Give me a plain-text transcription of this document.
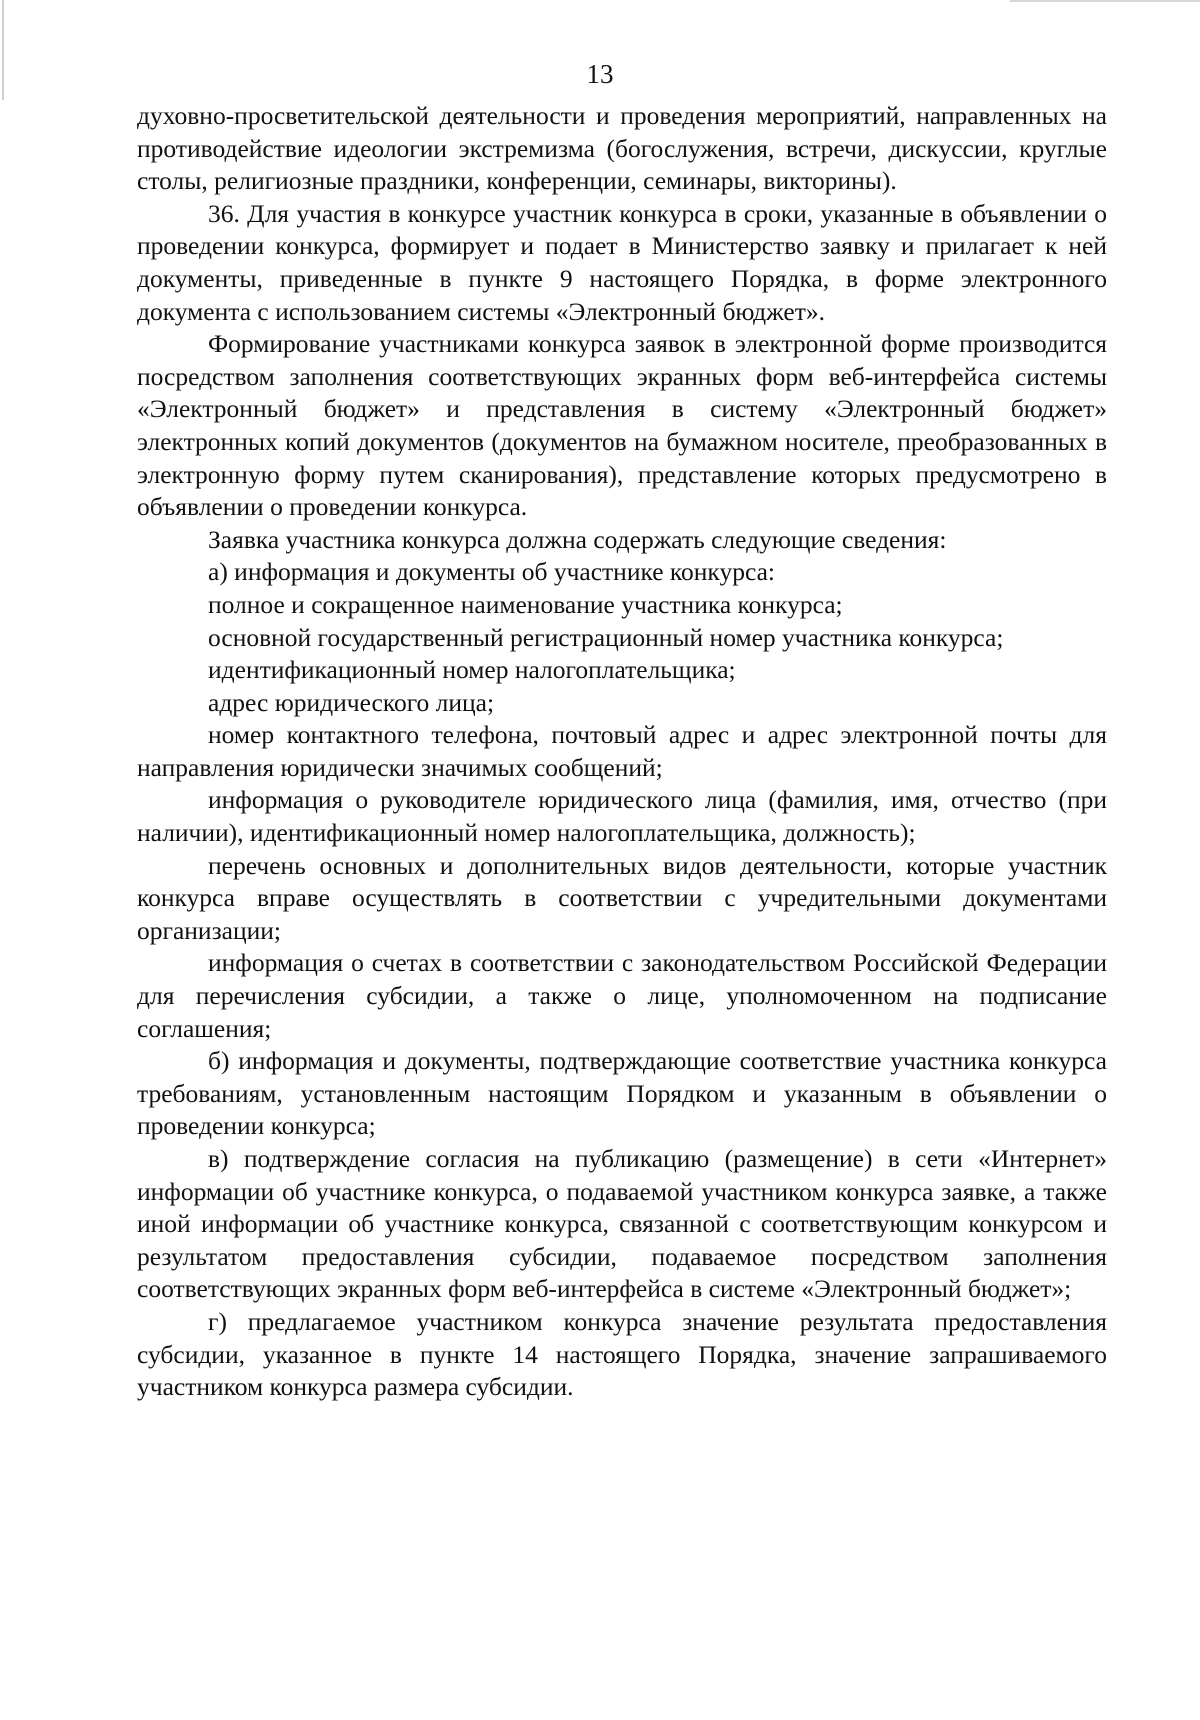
13

духовно-просветительской деятельности и проведения мероприятий, направленных на противодействие идеологии экстремизма (богослужения, встречи, дискуссии, круглые столы, религиозные праздники, конференции, семинары, викторины).

36. Для участия в конкурсе участник конкурса в сроки, указанные в объявлении о проведении конкурса, формирует и подает в Министерство заявку и прилагает к ней документы, приведенные в пункте 9 настоящего Порядка, в форме электронного документа с использованием системы «Электронный бюджет».

Формирование участниками конкурса заявок в электронной форме производится посредством заполнения соответствующих экранных форм веб-интерфейса системы «Электронный бюджет» и представления в систему «Электронный бюджет» электронных копий документов (документов на бумажном носителе, преобразованных в электронную форму путем сканирования), представление которых предусмотрено в объявлении о проведении конкурса.

Заявка участника конкурса должна содержать следующие сведения:

а) информация и документы об участнике конкурса:

полное и сокращенное наименование участника конкурса;

основной государственный регистрационный номер участника конкурса;

идентификационный номер налогоплательщика;

адрес юридического лица;

номер контактного телефона, почтовый адрес и адрес электронной почты для направления юридически значимых сообщений;

информация о руководителе юридического лица (фамилия, имя, отчество (при наличии), идентификационный номер налогоплательщика, должность);

перечень основных и дополнительных видов деятельности, которые участник конкурса вправе осуществлять в соответствии с учредительными документами организации;

информация о счетах в соответствии с законодательством Российской Федерации для перечисления субсидии, а также о лице, уполномоченном на подписание соглашения;

б) информация и документы, подтверждающие соответствие участника конкурса требованиям, установленным настоящим Порядком и указанным в объявлении о проведении конкурса;

в) подтверждение согласия на публикацию (размещение) в сети «Интернет» информации об участнике конкурса, о подаваемой участником конкурса заявке, а также иной информации об участнике конкурса, связанной с соответствующим конкурсом и результатом предоставления субсидии, подаваемое посредством заполнения соответствующих экранных форм веб-интерфейса в системе «Электронный бюджет»;

г) предлагаемое участником конкурса значение результата предоставления субсидии, указанное в пункте 14 настоящего Порядка, значение запрашиваемого участником конкурса размера субсидии.
